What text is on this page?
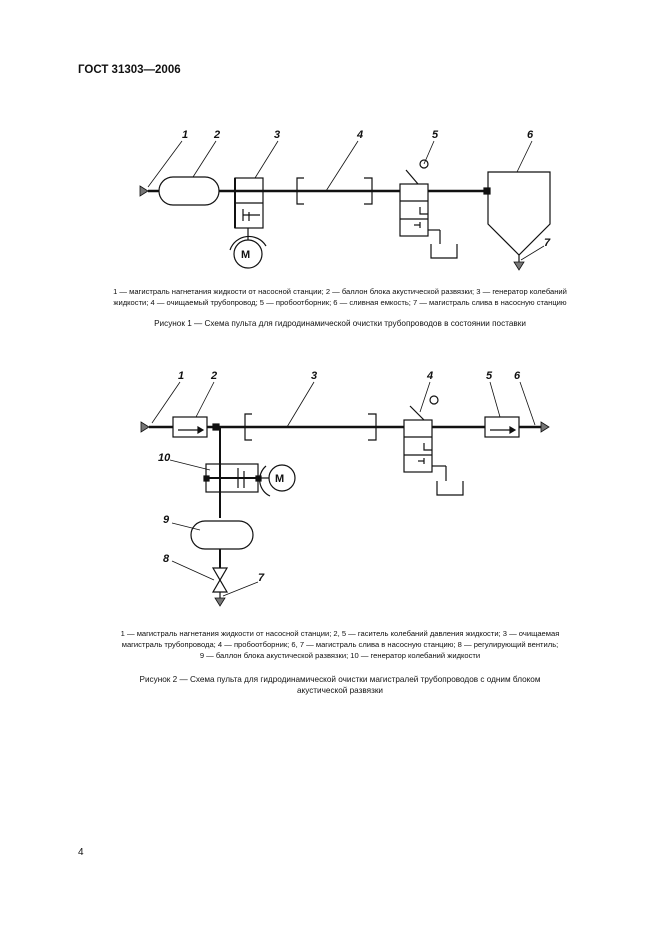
ГОСТ 31303—2006
1 2	3	4	5	6
7
М
1 — магистраль нагнетания жидкости от насосной станции; 2 — баллон блока акустической развязки; 3 — генератор колебаний
жидкости; 4 — очищаемый трубопровод; 5 — пробоотборник; 6 — сливная емкость; 7 — магистраль слива в насосную станцию
Рисунок 1 — Схема пульта для гидродинамической очистки трубопроводов в состоянии поставки
1 2	3	4	5 6
10
9
8
7
М
1 — магистраль нагнетания жидкости от насосной станции; 2, 5 — гаситель колебаний давления жидкости; 3 — очищаемая
магистраль трубопровода; 4 — пробоотборник; 6, 7 — магистраль слива в насосную станцию; 8 — регулирующий вентиль;
9 — баллон блока акустической развязки; 10 — генератор колебаний жидкости
Рисунок 2 — Схема пульта для гидродинамической очистки магистралей трубопроводов с одним блоком
акустической развязки
4
